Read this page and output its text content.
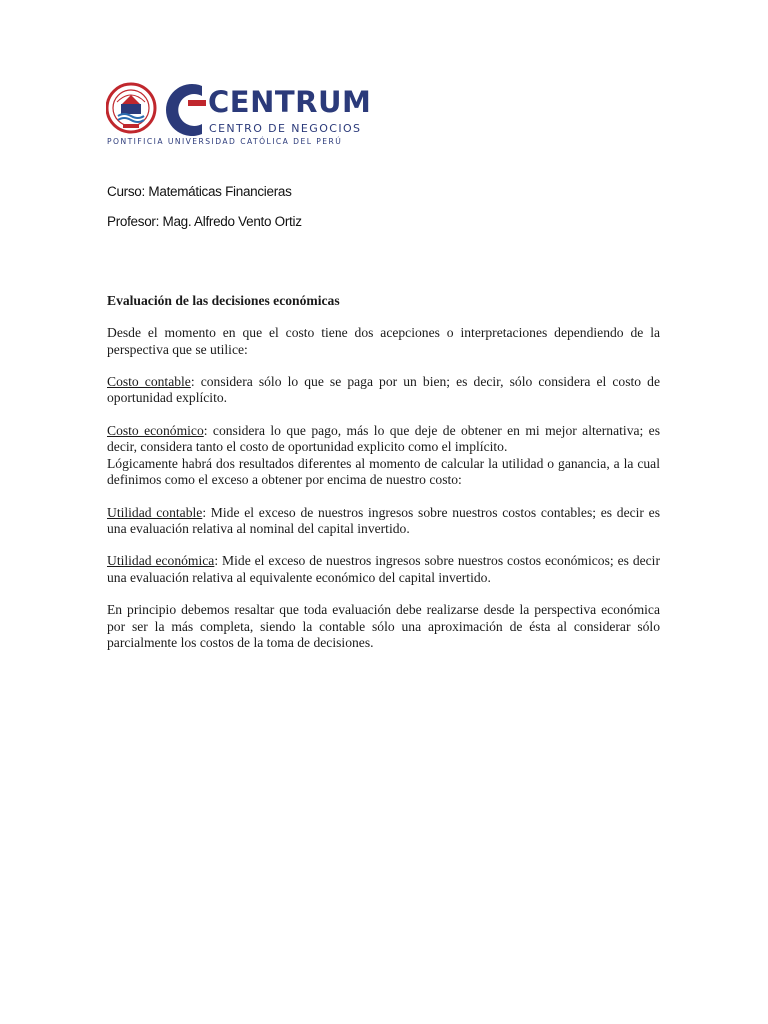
CENTRUM
CENTRO DE NEGOCIOS
PONTIFICIA UNIVERSIDAD CATÓLICA DEL PERÚ
Curso: Matemáticas Financieras
Profesor: Mag. Alfredo Vento Ortiz
Evaluación de las decisiones económicas

Desde el momento en que el costo tiene dos acepciones o interpretaciones dependiendo de la perspectiva que se utilice:

Costo contable: considera sólo lo que se paga por un bien; es decir, sólo considera el costo de oportunidad explícito.

Costo económico: considera lo que pago, más lo que deje de obtener en mi mejor alternativa; es decir, considera tanto el costo de oportunidad explicito como el implícito.

Lógicamente habrá dos resultados diferentes al momento de calcular la utilidad o ganancia, a la cual definimos como el exceso a obtener por encima de nuestro costo:

Utilidad contable: Mide el exceso de nuestros ingresos sobre nuestros costos contables; es decir es una evaluación relativa al nominal del capital invertido.

Utilidad económica: Mide el exceso de nuestros ingresos sobre nuestros costos económicos; es decir una evaluación relativa al equivalente económico del capital invertido.

En principio debemos resaltar que toda evaluación debe realizarse desde la perspectiva económica por ser la más completa, siendo la contable sólo una aproximación de ésta al considerar sólo parcialmente los costos de la toma de decisiones.
